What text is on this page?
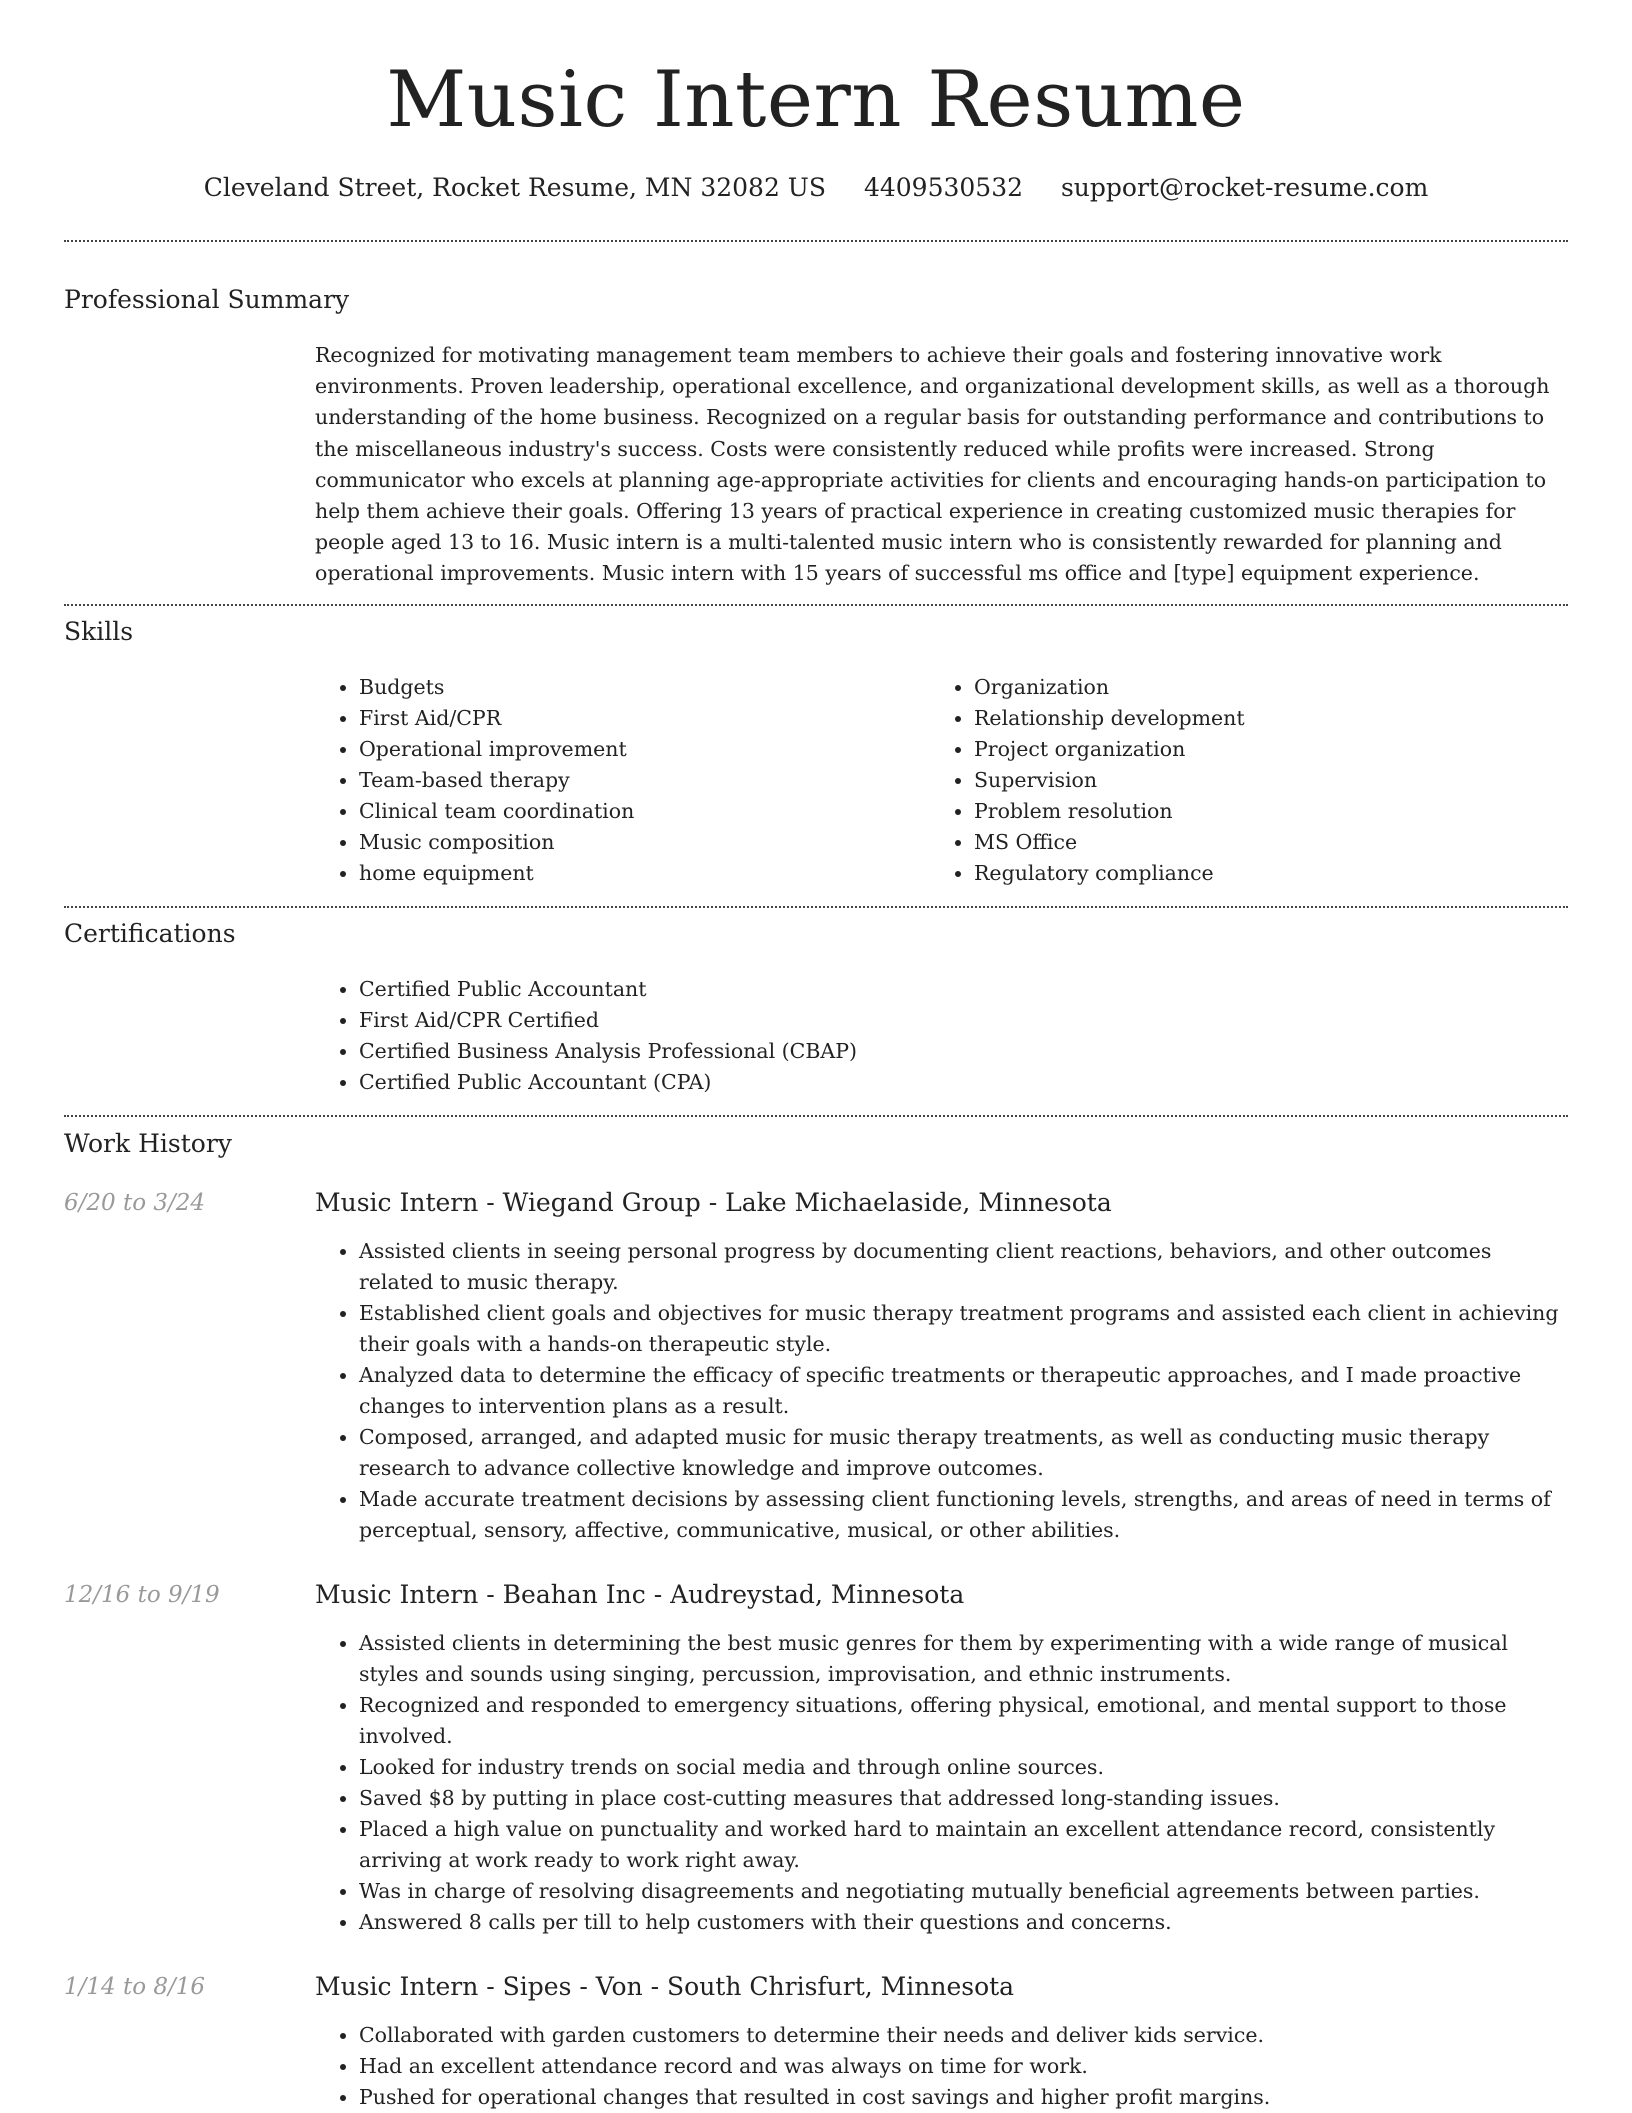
Music Intern Resume
Cleveland Street, Rocket Resume, MN 32082 US 4409530532 support@rocket-resume.com
Professional Summary

Recognized for motivating management team members to achieve their goals and fostering innovative work environments. Proven leadership, operational excellence, and organizational development skills, as well as a thorough understanding of the home business. Recognized on a regular basis for outstanding performance and contributions to the miscellaneous industry's success. Costs were consistently reduced while profits were increased. Strong communicator who excels at planning age-appropriate activities for clients and encouraging hands-on participation to help them achieve their goals. Offering 13 years of practical experience in creating customized music therapies for people aged 13 to 16. Music intern is a multi-talented music intern who is consistently rewarded for planning and operational improvements. Music intern with 15 years of successful ms office and [type] equipment experience.

Skills
• Budgets
• First Aid/CPR
• Operational improvement
• Team-based therapy
• Clinical team coordination
• Music composition
• home equipment
• Organization
• Relationship development
• Project organization
• Supervision
• Problem resolution
• MS Office
• Regulatory compliance
Certifications
• Certified Public Accountant
• First Aid/CPR Certified
• Certified Business Analysis Professional (CBAP)
• Certified Public Accountant (CPA)
Work History
6/20 to 3/24	Music Intern - Wiegand Group - Lake Michaelaside, Minnesota
• Assisted clients in seeing personal progress by documenting client reactions, behaviors, and other outcomes related to music therapy.
• Established client goals and objectives for music therapy treatment programs and assisted each client in achieving their goals with a hands-on therapeutic style.
• Analyzed data to determine the efficacy of specific treatments or therapeutic approaches, and I made proactive changes to intervention plans as a result.
• Composed, arranged, and adapted music for music therapy treatments, as well as conducting music therapy research to advance collective knowledge and improve outcomes.
• Made accurate treatment decisions by assessing client functioning levels, strengths, and areas of need in terms of perceptual, sensory, affective, communicative, musical, or other abilities.
12/16 to 9/19	Music Intern - Beahan Inc - Audreystad, Minnesota
• Assisted clients in determining the best music genres for them by experimenting with a wide range of musical styles and sounds using singing, percussion, improvisation, and ethnic instruments.
• Recognized and responded to emergency situations, offering physical, emotional, and mental support to those involved.
• Looked for industry trends on social media and through online sources.
• Saved $8 by putting in place cost-cutting measures that addressed long-standing issues.
• Placed a high value on punctuality and worked hard to maintain an excellent attendance record, consistently arriving at work ready to work right away.
• Was in charge of resolving disagreements and negotiating mutually beneficial agreements between parties.
• Answered 8 calls per till to help customers with their questions and concerns.
1/14 to 8/16	Music Intern - Sipes - Von - South Chrisfurt, Minnesota
• Collaborated with garden customers to determine their needs and deliver kids service.
• Had an excellent attendance record and was always on time for work.
• Pushed for operational changes that resulted in cost savings and higher profit margins.
